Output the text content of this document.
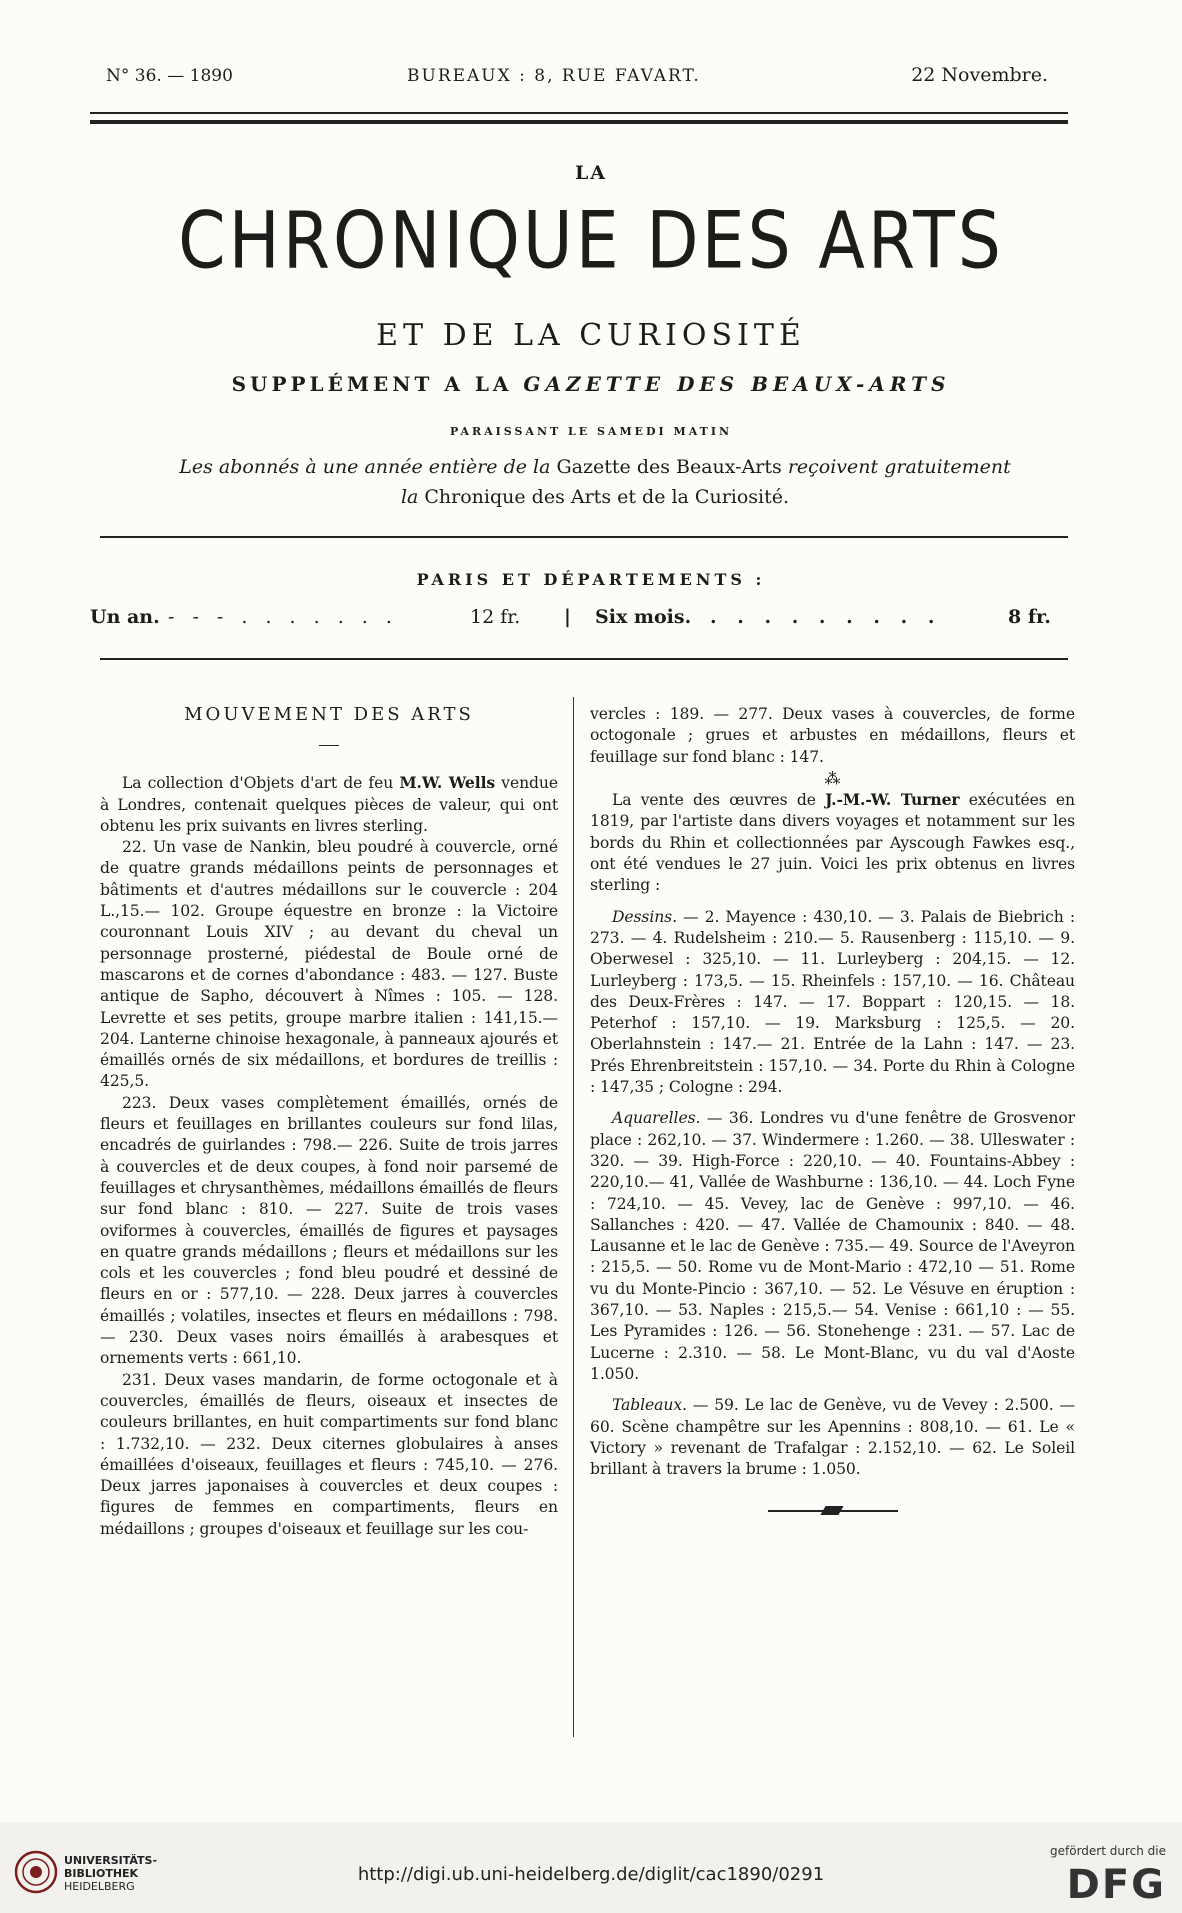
N° 36. — 1890	BUREAUX : 8, RUE FAVART.	22 Novembre.
LA
CHRONIQUE DES ARTS
ET DE LA CURIOSITÉ
SUPPLÉMENT A LA GAZETTE DES BEAUX-ARTS
PARAISSANT LE SAMEDI MATIN
Les abonnés à une année entière de la Gazette des Beaux-Arts reçoivent gratuitement
la Chronique des Arts et de la Curiosité.
PARIS ET DÉPARTEMENTS :
Un an. - - - . . . . . . .	12 fr. | Six mois. . . . . . . . . .	8 fr.

MOUVEMENT DES ARTS

La collection d'Objets d'art de feu M.W. Wells vendue à Londres, contenait quelques pièces de valeur, qui ont obtenu les prix suivants en livres sterling.

22. Un vase de Nankin, bleu poudré à couvercle, orné de quatre grands médaillons peints de personnages et bâtiments et d'autres médaillons sur le couvercle : 204 L.,15.— 102. Groupe équestre en bronze : la Victoire couronnant Louis XIV ; au devant du cheval un personnage prosterné, piédestal de Boule orné de mascarons et de cornes d'abondance : 483. — 127. Buste antique de Sapho, découvert à Nîmes : 105. — 128. Levrette et ses petits, groupe marbre italien : 141,15.— 204. Lanterne chinoise hexagonale, à panneaux ajourés et émaillés ornés de six médaillons, et bordures de treillis : 425,5.

223. Deux vases complètement émaillés, ornés de fleurs et feuillages en brillantes couleurs sur fond lilas, encadrés de guirlandes : 798.— 226. Suite de trois jarres à couvercles et de deux coupes, à fond noir parsemé de feuillages et chrysanthèmes, médaillons émaillés de fleurs sur fond blanc : 810. — 227. Suite de trois vases oviformes à couvercles, émaillés de figures et paysages en quatre grands médaillons ; fleurs et médaillons sur les cols et les couvercles ; fond bleu poudré et dessiné de fleurs en or : 577,10. — 228. Deux jarres à couvercles émaillés ; volatiles, insectes et fleurs en médaillons : 798. — 230. Deux vases noirs émaillés à arabesques et ornements verts : 661,10.

231. Deux vases mandarin, de forme octogonale et à couvercles, émaillés de fleurs, oiseaux et insectes de couleurs brillantes, en huit compartiments sur fond blanc : 1.732,10. — 232. Deux citernes globulaires à anses émaillées d'oiseaux, feuillages et fleurs : 745,10. — 276. Deux jarres japonaises à couvercles et deux coupes : figures de femmes en compartiments, fleurs en médaillons ; groupes d'oiseaux et feuillage sur les cou-

vercles : 189. — 277. Deux vases à couvercles, de forme octogonale ; grues et arbustes en médaillons, fleurs et feuillage sur fond blanc : 147.

⁂

La vente des œuvres de J.-M.-W. Turner exécutées en 1819, par l'artiste dans divers voyages et notamment sur les bords du Rhin et collectionnées par Ayscough Fawkes esq., ont été vendues le 27 juin. Voici les prix obtenus en livres sterling :

Dessins. — 2. Mayence : 430,10. — 3. Palais de Biebrich : 273. — 4. Rudelsheim : 210.— 5. Rausenberg : 115,10. — 9. Oberwesel : 325,10. — 11. Lurleyberg : 204,15. — 12. Lurleyberg : 173,5. — 15. Rheinfels : 157,10. — 16. Château des Deux-Frères : 147. — 17. Boppart : 120,15. — 18. Peterhof : 157,10. — 19. Marksburg : 125,5. — 20. Oberlahnstein : 147.— 21. Entrée de la Lahn : 147. — 23. Prés Ehrenbreitstein : 157,10. — 34. Porte du Rhin à Cologne : 147,35 ; Cologne : 294.

Aquarelles. — 36. Londres vu d'une fenêtre de Grosvenor place : 262,10. — 37. Windermere : 1.260. — 38. Ulleswater : 320. — 39. High-Force : 220,10. — 40. Fountains-Abbey : 220,10.— 41, Vallée de Washburne : 136,10. — 44. Loch Fyne : 724,10. — 45. Vevey, lac de Genève : 997,10. — 46. Sallanches : 420. — 47. Vallée de Chamounix : 840. — 48. Lausanne et le lac de Genève : 735.— 49. Source de l'Aveyron : 215,5. — 50. Rome vu de Mont-Mario : 472,10 — 51. Rome vu du Monte-Pincio : 367,10. — 52. Le Vésuve en éruption : 367,10. — 53. Naples : 215,5.— 54. Venise : 661,10 : — 55. Les Pyramides : 126. — 56. Stonehenge : 231. — 57. Lac de Lucerne : 2.310. — 58. Le Mont-Blanc, vu du val d'Aoste 1.050.

Tableaux. — 59. Le lac de Genève, vu de Vevey : 2.500. — 60. Scène champêtre sur les Apennins : 808,10. — 61. Le « Victory » revenant de Trafalgar : 2.152,10. — 62. Le Soleil brillant à travers la brume : 1.050.

UNIVERSITÄTS-
BIBLIOTHEK
HEIDELBERG
http://digi.ub.uni-heidelberg.de/diglit/cac1890/0291
gefördert durch die
DFG
